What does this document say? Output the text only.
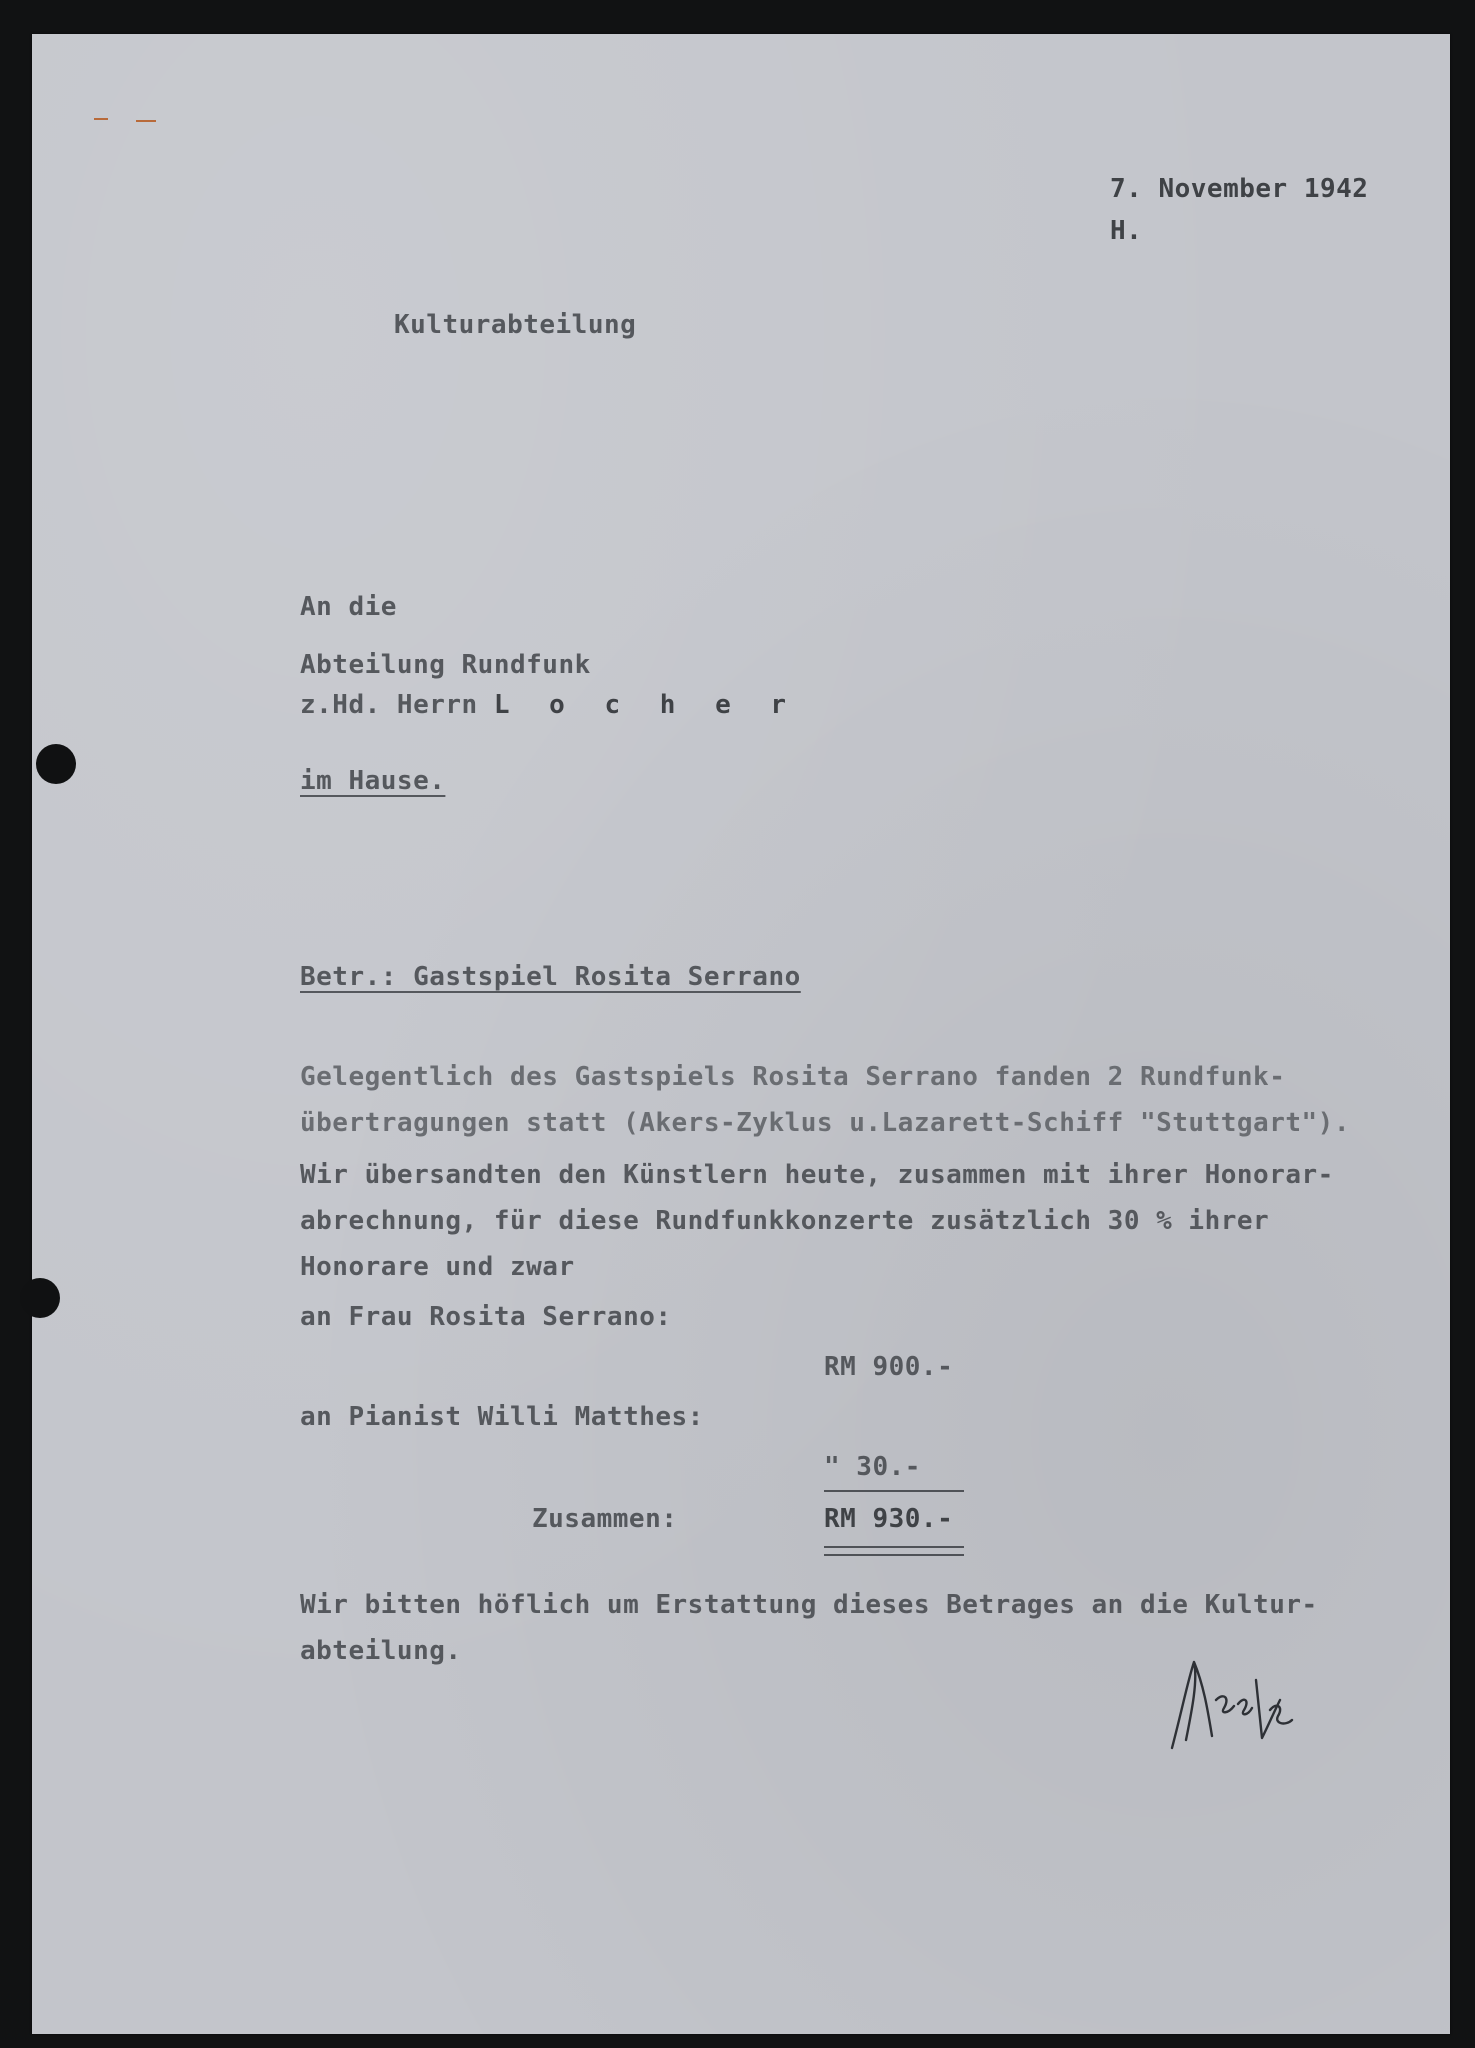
7. November 1942

H.

Kulturabteilung

An die

Abteilung Rundfunk

z.Hd. Herrn L o c h e r

im Hause.

Betr.: Gastspiel Rosita Serrano

Gelegentlich des Gastspiels Rosita Serrano fanden 2 Rundfunk-

übertragungen statt (Akers-Zyklus u.Lazarett-Schiff "Stuttgart").

Wir übersandten den Künstlern heute, zusammen mit ihrer Honorar-

abrechnung, für diese Rundfunkkonzerte zusätzlich 30 % ihrer

Honorare und zwar

an Frau Rosita Serrano:

RM 900.-

an Pianist Willi Matthes:

" 30.-

Zusammen:	RM 930.-

Wir bitten höflich um Erstattung dieses Betrages an die Kultur-

abteilung.
